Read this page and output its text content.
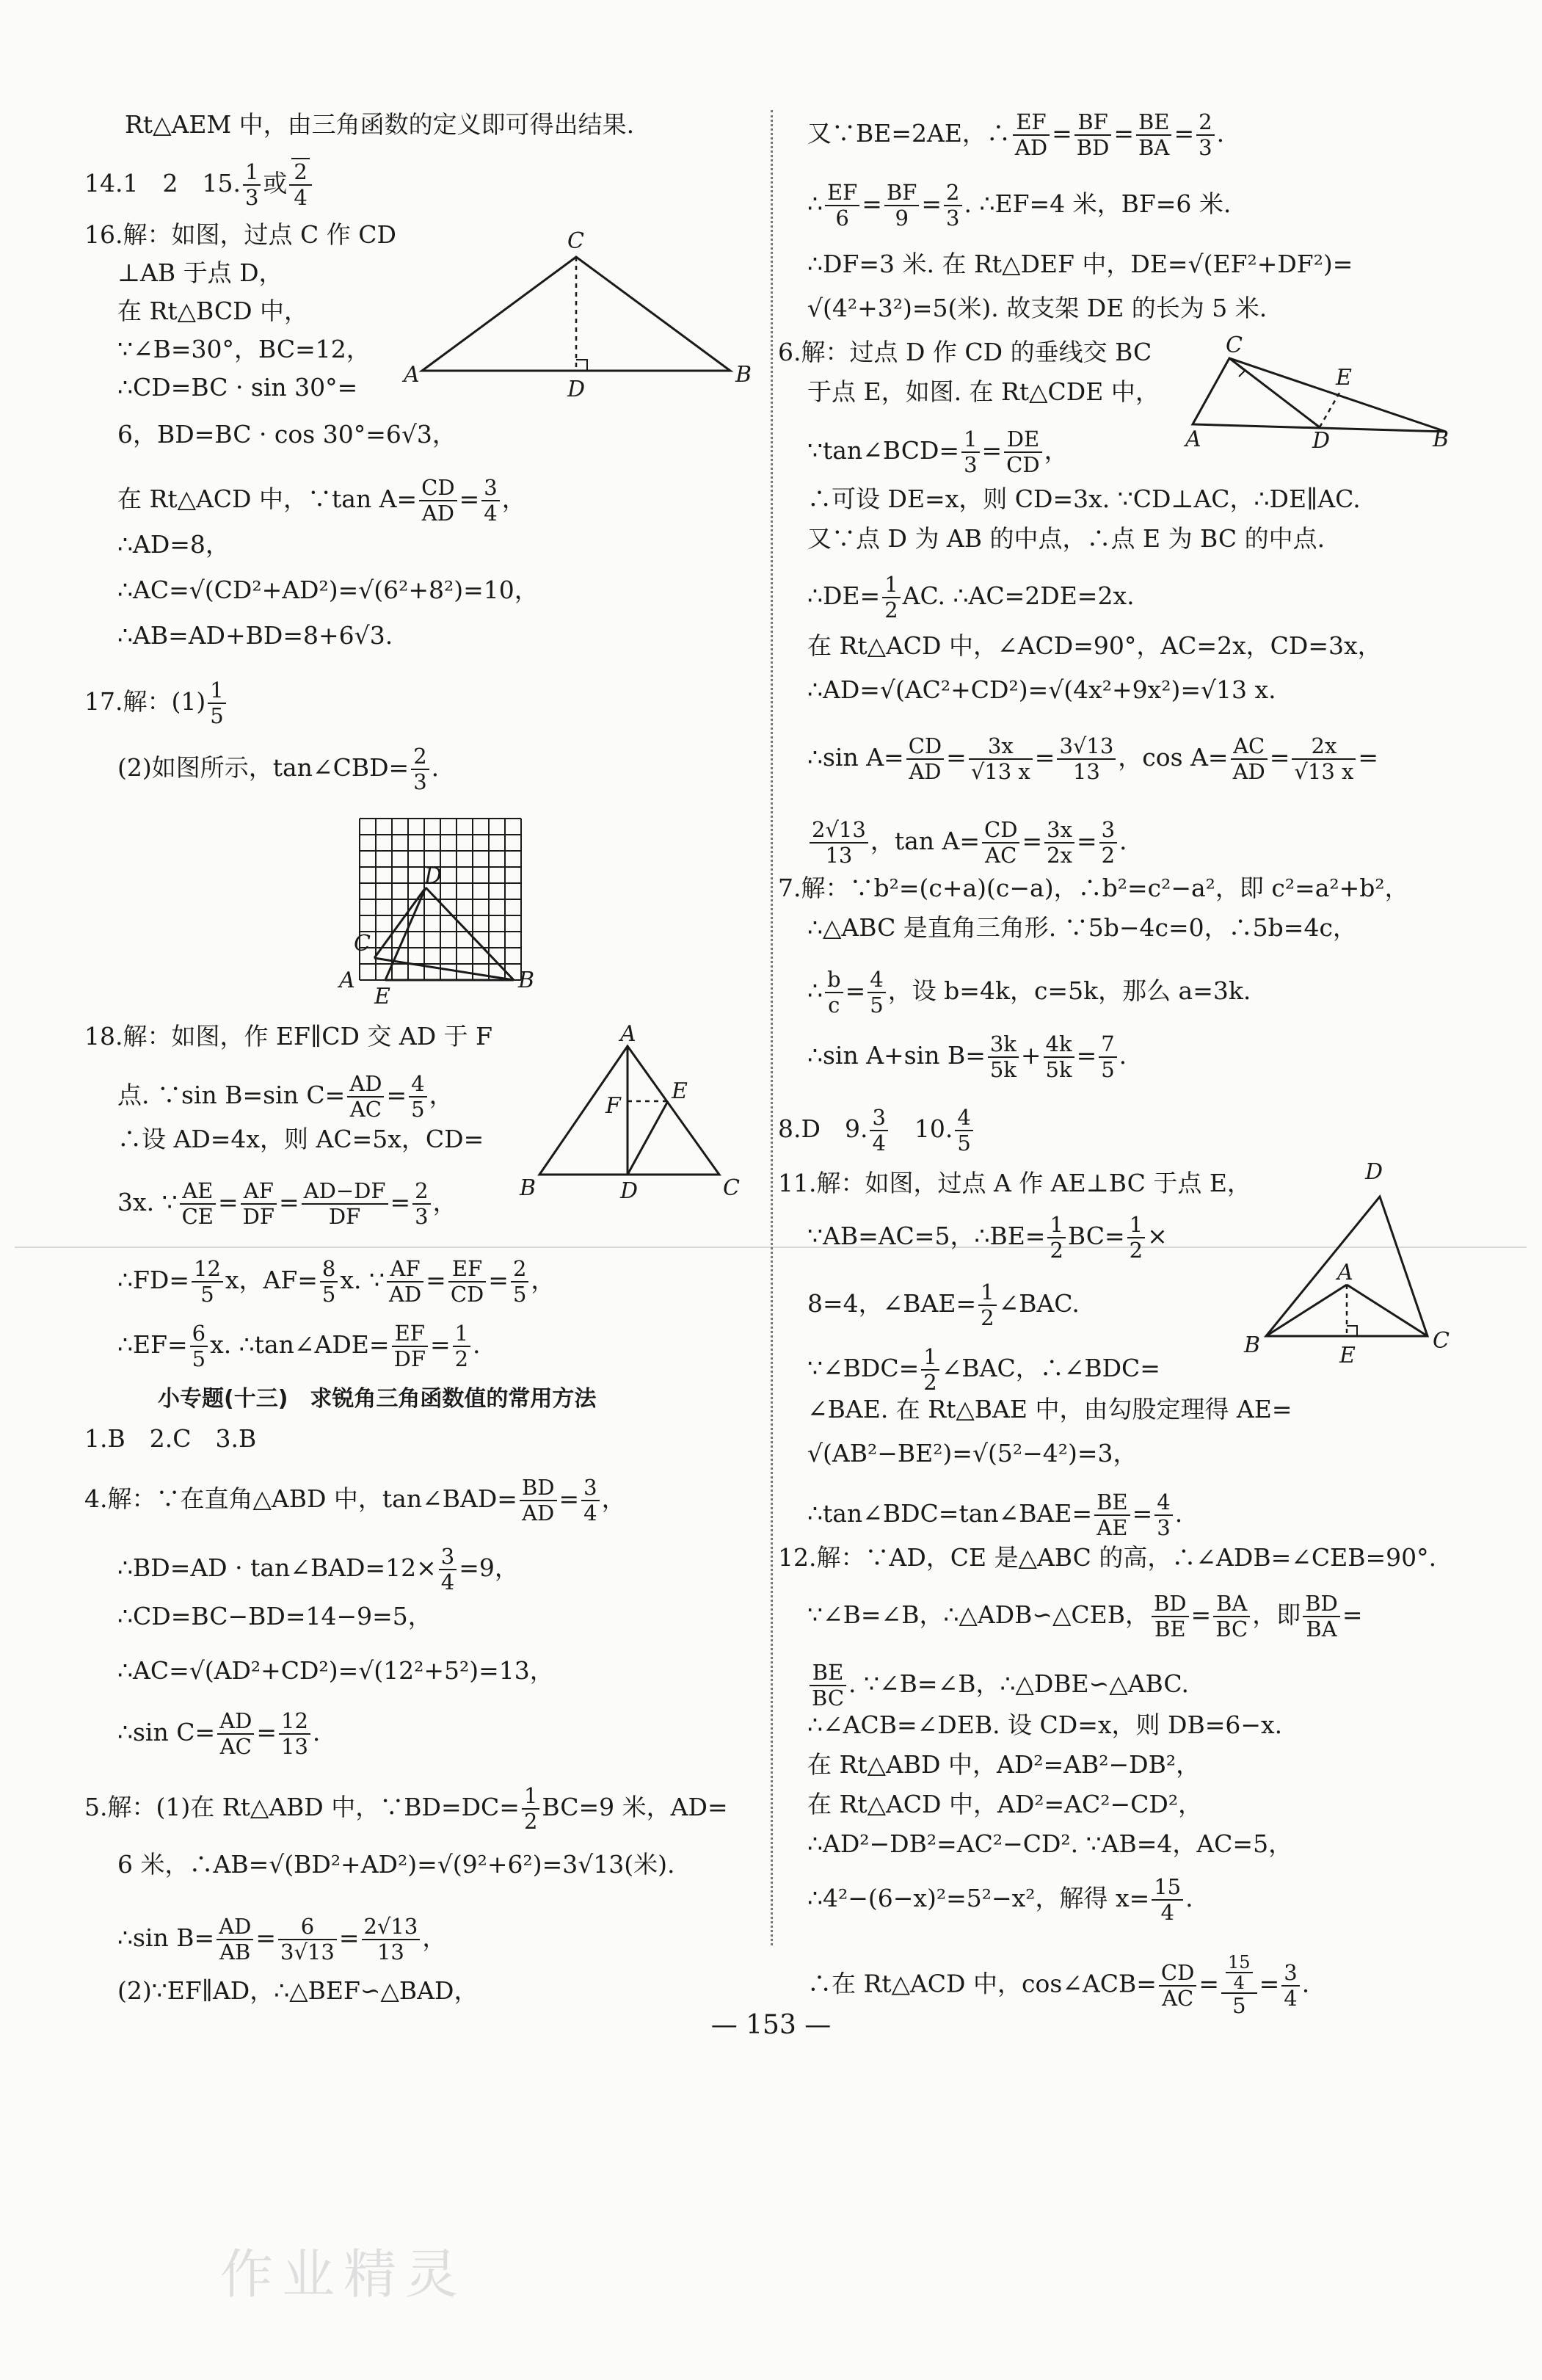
Rt△AEM 中，由三角函数的定义即可得出结果.
14.1　2　15. $\frac{1}{3}$ 或 $\frac{2}{4}$
16.解：如图，过点 C 作 CD
⊥AB 于点 D，
在 Rt△BCD 中，
∵∠B=30°，BC=12，
∴CD=BC · sin 30°=
6，BD=BC · cos 30°=6√3，
在 Rt△ACD 中，∵tan $A= \frac{CD}{AD} = \frac{3}{4}$ ，
∴AD=8，
∴AC=√(CD²+AD²)=√(6²+8²)=10，
∴AB=AD+BD=8+6√3.
17.解：$(1) \frac{1}{5}$
(2)如图所示，tan∠CBD= $\frac{2}{3}$ .
18.解：如图，作 EF∥CD 交 AD 于 F
点. ∵sin B=sin $C= \frac{AD}{AC} = \frac{4}{5}$ ，
∴设 AD=4x，则 AC=5x，CD=
3x. ∵ $\frac{AE}{CE} = \frac{AF}{DF} = \frac{AD-DF}{DF} = \frac{2}{3}$ ，
∴FD= $\frac{12}{5}$ x，$AF= \frac{8}{5} x$. ∵ $\frac{AF}{AD} = \frac{EF}{CD} = \frac{2}{5}$ ，
∴EF= $\frac{6}{5} x$. ∴tan∠ADE= $\frac{EF}{DF} = \frac{1}{2}$ .
小专题(十三)　求锐角三角函数值的常用方法
1.B　2.C　3.B
4.解：∵在直角△ABD 中，tan∠BAD= $\frac{BD}{AD} = \frac{3}{4}$ ，
∴BD=AD · tan∠BAD=12× $\frac{3}{4} =9$，
∴CD=BC−BD=14−9=5，
∴AC=√(AD²+CD²)=√(12²+5²)=13，
∴sin $C= \frac{AD}{AC} = \frac{12}{13}$ .
5.解：(1)在 Rt△ABD 中，∵BD=DC= $\frac{1}{2} BC=9$ 米，AD=
6 米，∴AB=√(BD²+AD²)=√(9²+6²)=3√13(米).
∴sin $B= \frac{AD}{AB} = \frac{6}{3√13} = \frac{2√13}{13}$ ，
(2)∵EF∥AD，∴△BEF∽△BAD，
又∵BE=2AE，∴ $\frac{EF}{AD} = \frac{BF}{BD} = \frac{BE}{BA} = \frac{2}{3}$ .
∴ $\frac{EF}{6} = \frac{BF}{9} = \frac{2}{3}$ . ∴EF=4 米，BF=6 米.
∴DF=3 米. 在 Rt△DEF 中，DE=√(EF²+DF²)=
√(4²+3²)=5(米). 故支架 DE 的长为 5 米.
6.解：过点 D 作 CD 的垂线交 BC
于点 E，如图. 在 Rt△CDE 中，
∵tan∠BCD= $\frac{1}{3} = \frac{DE}{CD}$ ，
∴可设 DE=x，则 CD=3x. ∵CD⊥AC，∴DE∥AC.
又∵点 D 为 AB 的中点，∴点 E 为 BC 的中点.
∴DE= $\frac{1}{2}$ AC. ∴AC=2DE=2x.
在 Rt△ACD 中，∠ACD=90°，AC=2x，CD=3x，
∴AD=√(AC²+CD²)=√(4x²+9x²)=√13 x.
∴sin $A= \frac{CD}{AD} = \frac{3x}{√13 x} = \frac{3√13}{13}$ ，$\cos A= \frac{AC}{AD} = \frac{2x}{√13 x}$ =
$\frac{2√13}{13}$ ，$\tan A= \frac{CD}{AC} = \frac{3x}{2x} = \frac{3}{2}$ .
7.解：∵b²=(c+a)(c−a)，∴b²=c²−a²，即 c²=a²+b²，
∴△ABC 是直角三角形. ∵5b−4c=0，∴5b=4c，
∴ $\frac{b}{c} = \frac{4}{5}$ ，设 b=4k，c=5k，那么 a=3k.
∴sin A+sin $B= \frac{3k}{5k} + \frac{4k}{5k} = \frac{7}{5}$ .
8.D　9. $\frac{3}{4}$
　 10. $\frac{4}{5}$
11.解：如图，过点 A 作 AE⊥BC 于点 E，
∵AB=AC=5，∴BE= $\frac{1}{2} BC= \frac{1}{2}$ ×
8=4，∠BAE= $\frac{1}{2}$ ∠BAC.
∵∠BDC= $\frac{1}{2}$ ∠BAC，∴∠BDC=
∠BAE. 在 Rt△BAE 中，由勾股定理得 AE=
√(AB²−BE²)=√(5²−4²)=3，
∴tan∠BDC=tan∠BAE= $\frac{BE}{AE} = \frac{4}{3}$ .
12.解：∵AD，CE 是△ABC 的高，∴∠ADB=∠CEB=90°.
∵∠B=∠B，∴△ADB∽△CEB， $\frac{BD}{BE} = \frac{BA}{BC}$ ，即 $\frac{BD}{BA}$ =
$\frac{BE}{BC}$ . ∵∠B=∠B，∴△DBE∽△ABC.
∴∠ACB=∠DEB. 设 CD=x，则 DB=6−x.
在 Rt△ABD 中，AD²=AB²−DB²，
在 Rt△ACD 中，AD²=AC²−CD²，
∴AD²−DB²=AC²−CD². ∵AB=4，AC=5，
∴4²−(6−x)²=5²−x²，解得 $x= \frac{15}{4}$ .
∴在 Rt△ACD 中，cos∠ACB= $\frac{CD}{AC} = \frac{\frac{15}{4}}{5} = \frac{3}{4}$ .
C
A
D
B
D
C
A
E
B
A
F
E
B	D	C
C
E
A	D	B
D
A
B	E
C
— 153 —
作业精灵
